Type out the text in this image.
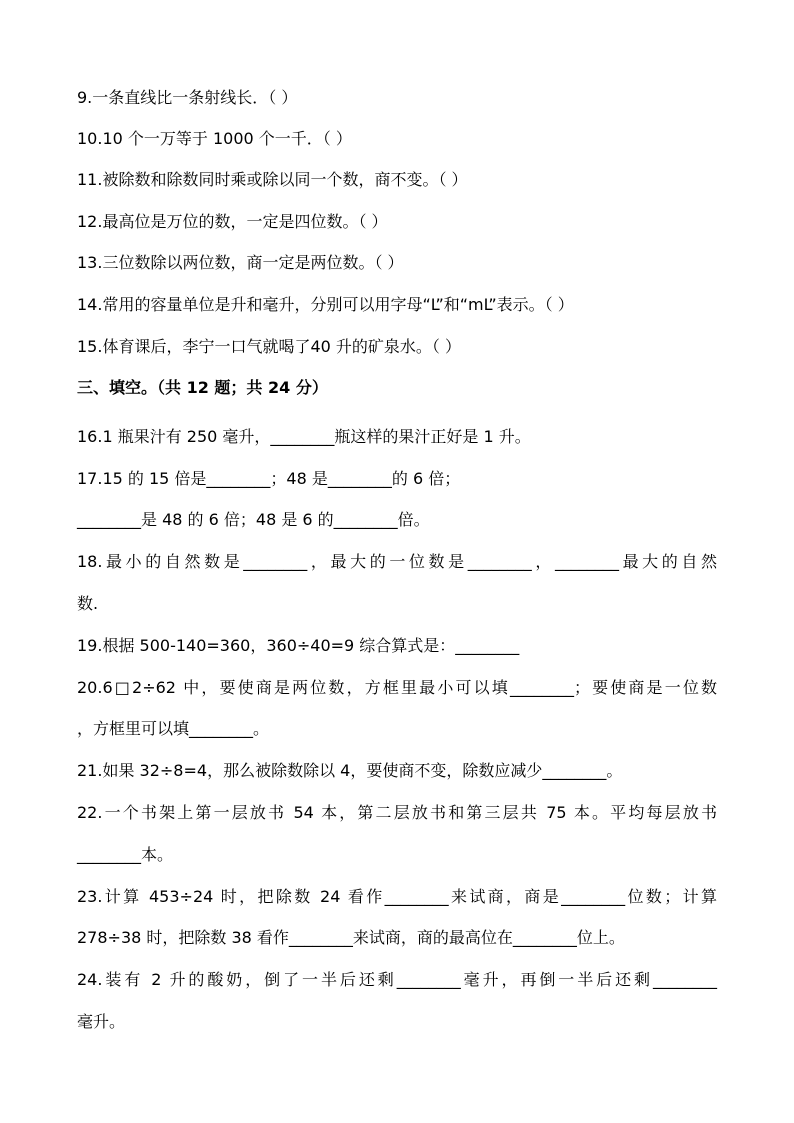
9.一条直线比一条射线长．（ ）
10.10 个一万等于 1000 个一千．（ ）
11.被除数和除数同时乘或除以同一个数，商不变。（ ）
12.最高位是万位的数，一定是四位数。（ ）
13.三位数除以两位数，商一定是两位数。（ ）
14.常用的容量单位是升和毫升，分别可以用字母“L”和“mL”表示。（ ）
15.体育课后，李宁一口气就喝了40 升的矿泉水。（ ）
三、填空。（共 12 题；共 24 分）
16.1 瓶果汁有 250 毫升，________瓶这样的果汁正好是 1 升。
17.15 的 15 倍是________；48 是________的 6 倍；
________是 48 的 6 倍；48 是 6 的________倍。
18.最小的自然数是________，最大的一位数是________，________最大的自然
数.
19.根据 500-140=360，360÷40=9 综合算式是：________
20.6□2÷62 中，要使商是两位数，方框里最小可以填________；要使商是一位数
，方框里可以填________。
21.如果 32÷8=4，那么被除数除以 4，要使商不变，除数应减少________。
22.一个书架上第一层放书 54 本，第二层放书和第三层共 75 本。平均每层放书
________本。
23.计算 453÷24 时，把除数 24 看作________来试商，商是________位数；计算
278÷38 时，把除数 38 看作________来试商，商的最高位在________位上。
24.装有 2 升的酸奶，倒了一半后还剩________毫升，再倒一半后还剩________
毫升。
